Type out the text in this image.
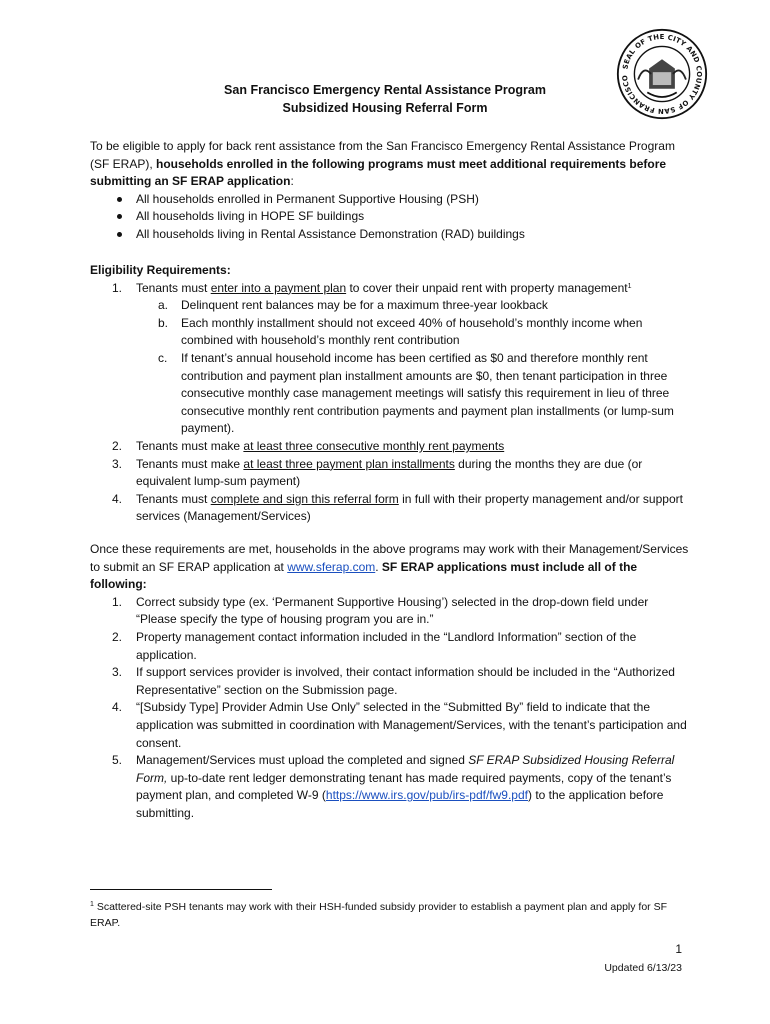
SEAL OF THE CITY AND COUNTY OF SAN FRANCISCO
San Francisco Emergency Rental Assistance Program
Subsidized Housing Referral Form

To be eligible to apply for back rent assistance from the San Francisco Emergency Rental Assistance Program (SF ERAP), households enrolled in the following programs must meet additional requirements before submitting an SF ERAP application:

All households enrolled in Permanent Supportive Housing (PSH)
All households living in HOPE SF buildings
All households living in Rental Assistance Demonstration (RAD) buildings
Eligibility Requirements:
1. Tenants must enter into a payment plan to cover their unpaid rent with property management$^1$
a. Delinquent rent balances may be for a maximum three-year lookback
b. Each monthly installment should not exceed 40% of household’s monthly income when combined with household’s monthly rent contribution
c. If tenant’s annual household income has been certified as $0 and therefore monthly rent contribution and payment plan installment amounts are $0, then tenant participation in three consecutive monthly case management meetings will satisfy this requirement in lieu of three consecutive monthly rent contribution payments and payment plan installments (or lump-sum payment).
2. Tenants must make at least three consecutive monthly rent payments
3. Tenants must make at least three payment plan installments during the months they are due (or equivalent lump-sum payment)
4. Tenants must complete and sign this referral form in full with their property management and/or support services (Management/Services)
Once these requirements are met, households in the above programs may work with their Management/Services to submit an SF ERAP application at www.sferap.com. SF ERAP applications must include all of the following:
1. Correct subsidy type (ex. ‘Permanent Supportive Housing’) selected in the drop-down field under “Please specify the type of housing program you are in.”
2. Property management contact information included in the “Landlord Information” section of the application.
3. If support services provider is involved, their contact information should be included in the “Authorized Representative” section on the Submission page.
4. “[Subsidy Type] Provider Admin Use Only” selected in the “Submitted By” field to indicate that the application was submitted in coordination with Management/Services, with the tenant’s participation and consent.
5. Management/Services must upload the completed and signed SF ERAP Subsidized Housing Referral Form, up-to-date rent ledger demonstrating tenant has made required payments, copy of the tenant’s payment plan, and completed W-9 (https://www.irs.gov/pub/irs-pdf/fw9.pdf) to the application before submitting.
$^1$ Scattered-site PSH tenants may work with their HSH-funded subsidy provider to establish a payment plan and apply for SF ERAP.
1
Updated 6/13/23
